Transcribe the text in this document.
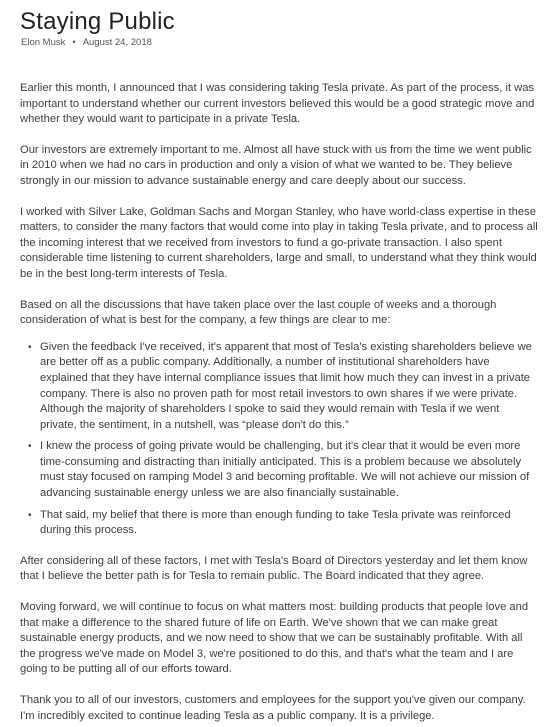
Staying Public
Elon Musk • August 24, 2018

Earlier this month, I announced that I was considering taking Tesla private. As part of the process, it was important to understand whether our current investors believed this would be a good strategic move and whether they would want to participate in a private Tesla.

Our investors are extremely important to me. Almost all have stuck with us from the time we went public in 2010 when we had no cars in production and only a vision of what we wanted to be. They believe strongly in our mission to advance sustainable energy and care deeply about our success.

I worked with Silver Lake, Goldman Sachs and Morgan Stanley, who have world-class expertise in these matters, to consider the many factors that would come into play in taking Tesla private, and to process all the incoming interest that we received from investors to fund a go-private transaction. I also spent considerable time listening to current shareholders, large and small, to understand what they think would be in the best long-term interests of Tesla.

Based on all the discussions that have taken place over the last couple of weeks and a thorough consideration of what is best for the company, a few things are clear to me:

• Given the feedback I've received, it's apparent that most of Tesla's existing shareholders believe we are better off as a public company. Additionally, a number of institutional shareholders have explained that they have internal compliance issues that limit how much they can invest in a private company. There is also no proven path for most retail investors to own shares if we were private. Although the majority of shareholders I spoke to said they would remain with Tesla if we went private, the sentiment, in a nutshell, was “please don't do this.”
• I knew the process of going private would be challenging, but it's clear that it would be even more time-consuming and distracting than initially anticipated. This is a problem because we absolutely must stay focused on ramping Model 3 and becoming profitable. We will not achieve our mission of advancing sustainable energy unless we are also financially sustainable.
• That said, my belief that there is more than enough funding to take Tesla private was reinforced during this process.

After considering all of these factors, I met with Tesla's Board of Directors yesterday and let them know that I believe the better path is for Tesla to remain public. The Board indicated that they agree.

Moving forward, we will continue to focus on what matters most: building products that people love and that make a difference to the shared future of life on Earth. We've shown that we can make great sustainable energy products, and we now need to show that we can be sustainably profitable. With all the progress we've made on Model 3, we're positioned to do this, and that's what the team and I are going to be putting all of our efforts toward.

Thank you to all of our investors, customers and employees for the support you've given our company. I'm incredibly excited to continue leading Tesla as a public company. It is a privilege.
